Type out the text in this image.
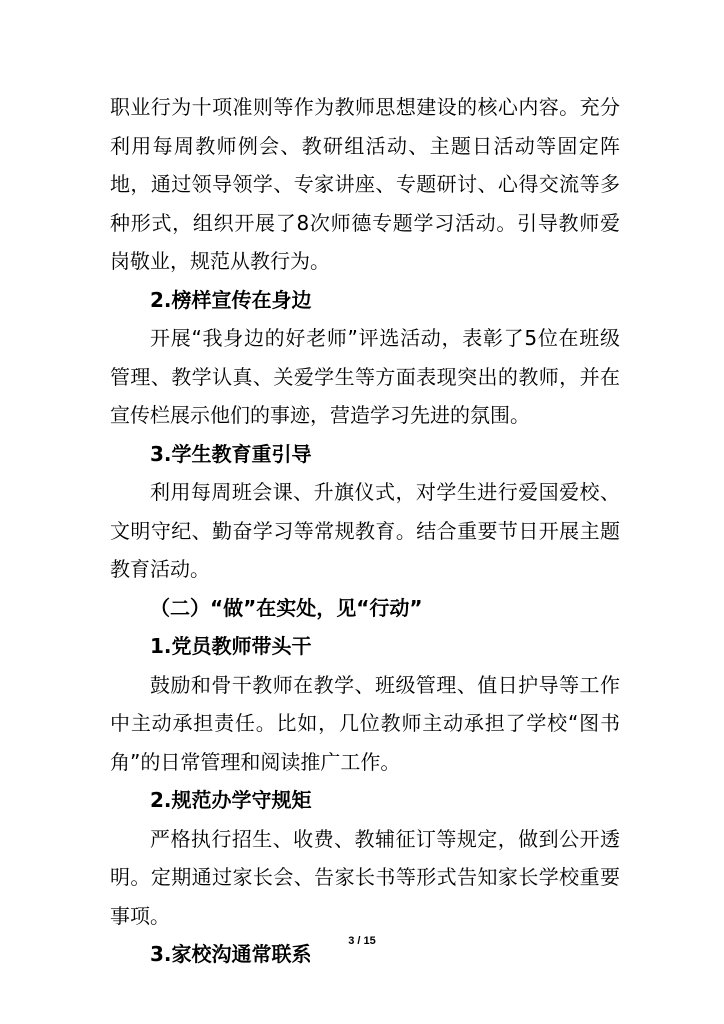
职业行为十项准则等作为教师思想建设的核心内容。充分利用每周教师例会、教研组活动、主题日活动等固定阵地，通过领导领学、专家讲座、专题研讨、心得交流等多种形式，组织开展了8次师德专题学习活动。引导教师爱岗敬业，规范从教行为。

2.榜样宣传在身边

开展“我身边的好老师”评选活动，表彰了5位在班级管理、教学认真、关爱学生等方面表现突出的教师，并在宣传栏展示他们的事迹，营造学习先进的氛围。

3.学生教育重引导

利用每周班会课、升旗仪式，对学生进行爱国爱校、文明守纪、勤奋学习等常规教育。结合重要节日开展主题教育活动。

（二）“做”在实处，见“行动”

1.党员教师带头干

鼓励和骨干教师在教学、班级管理、值日护导等工作中主动承担责任。比如，几位教师主动承担了学校“图书角”的日常管理和阅读推广工作。

2.规范办学守规矩

严格执行招生、收费、教辅征订等规定，做到公开透明。定期通过家长会、告家长书等形式告知家长学校重要事项。

3.家校沟通常联系

3 / 15
